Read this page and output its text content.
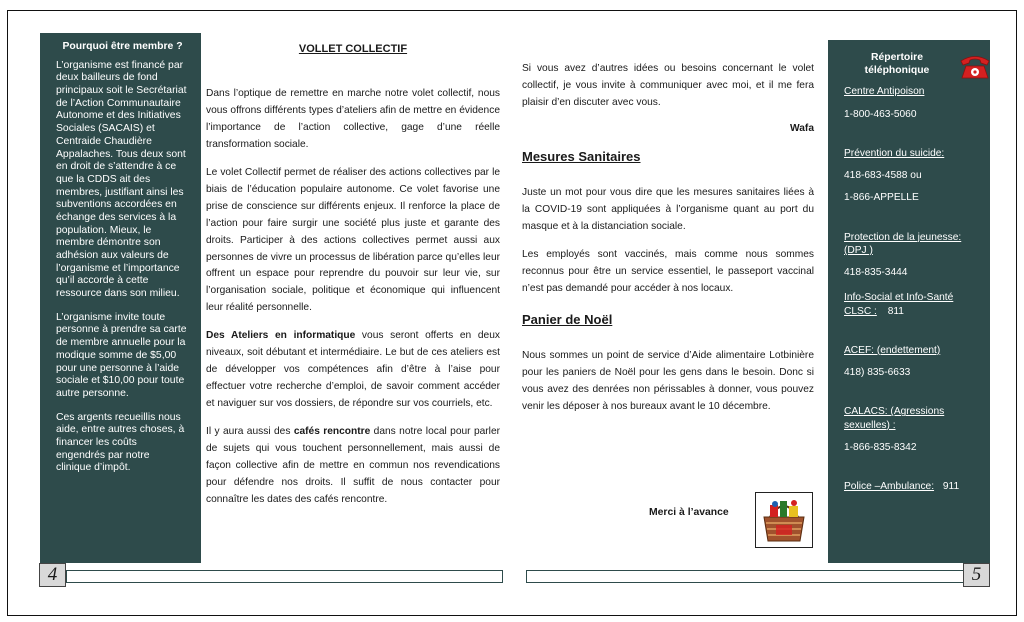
Pourquoi être membre ?

L’organisme est financé par deux bailleurs de fond principaux soit le Secrétariat de l’Action Communautaire Autonome et des Initiatives Sociales (SACAIS) et Centraide Chaudière Appalaches. Tous deux sont en droit de s’attendre à ce que la CDDS ait des membres, justifiant ainsi les subventions accordées en échange des services à la population. Mieux, le membre démontre son adhésion aux valeurs de l’organisme et l’importance qu’il accorde à cette ressource dans son milieu.

L’organisme invite toute personne à prendre sa carte de membre annuelle pour la modique somme de $5,00 pour une personne à l’aide sociale et $10,00 pour toute autre personne.

Ces argents recueillis nous aide, entre autres choses, à financer les coûts engendrés par notre clinique d’impôt.

VOLLET COLLECTIF

Dans l’optique de remettre en marche notre volet collectif, nous vous offrons différents types d’ateliers afin de mettre en évidence l’importance de l’action collective, gage d’une réelle transformation sociale.

Le volet Collectif permet de réaliser des actions collectives par le biais de l’éducation populaire autonome. Ce volet favorise une prise de conscience sur différents enjeux. Il renforce la place de l’action pour faire surgir une société plus juste et garante des droits. Participer à des actions collectives permet aussi aux personnes de vivre un processus de libération parce qu’elles leur offrent un espace pour reprendre du pouvoir sur leur vie, sur l’organisation sociale, politique et économique qui influencent leur réalité personnelle.

Des Ateliers en informatique vous seront offerts en deux niveaux, soit débutant et intermédiaire. Le but de ces ateliers est de développer vos compétences afin d’être à l’aise pour effectuer votre recherche d’emploi, de savoir comment accéder et naviguer sur vos dossiers, de répondre sur vos courriels, etc.

Il y aura aussi des cafés rencontre dans notre local pour parler de sujets qui vous touchent personnellement, mais aussi de façon collective afin de mettre en commun nos revendications pour défendre nos droits. Il suffit de nous contacter pour connaître les dates des cafés rencontre.

Si vous avez d’autres idées ou besoins concernant le volet collectif, je vous invite à communiquer avec moi, et il me fera plaisir d’en discuter avec vous.

Wafa
Mesures Sanitaires

Juste un mot pour vous dire que les mesures sanitaires liées à la COVID-19 sont appliquées à l’organisme quant au port du masque et à la distanciation sociale.

Les employés sont vaccinés, mais comme nous sommes reconnus pour être un service essentiel, le passeport vaccinal n’est pas demandé pour accéder à nos locaux.

Panier de Noël

Nous sommes un point de service d’Aide alimentaire Lotbinière pour les paniers de Noël pour les gens dans le besoin. Donc si vous avez des denrées non périssables à donner, vous pouvez venir les déposer à nos bureaux avant le 10 décembre.

Merci à l’avance
Répertoire téléphonique
Centre Antipoison
1-800-463-5060
Prévention du suicide:
418-683-4588 ou
1-866-APPELLE
Protection de la jeunesse: (DPJ )
418-835-3444
Info-Social et Info-Santé CLSC : 811
ACEF: (endettement)
418) 835-6633
CALACS: (Agressions sexuelles) :
1-866-835-8342
Police –Ambulance: 911
4	5
